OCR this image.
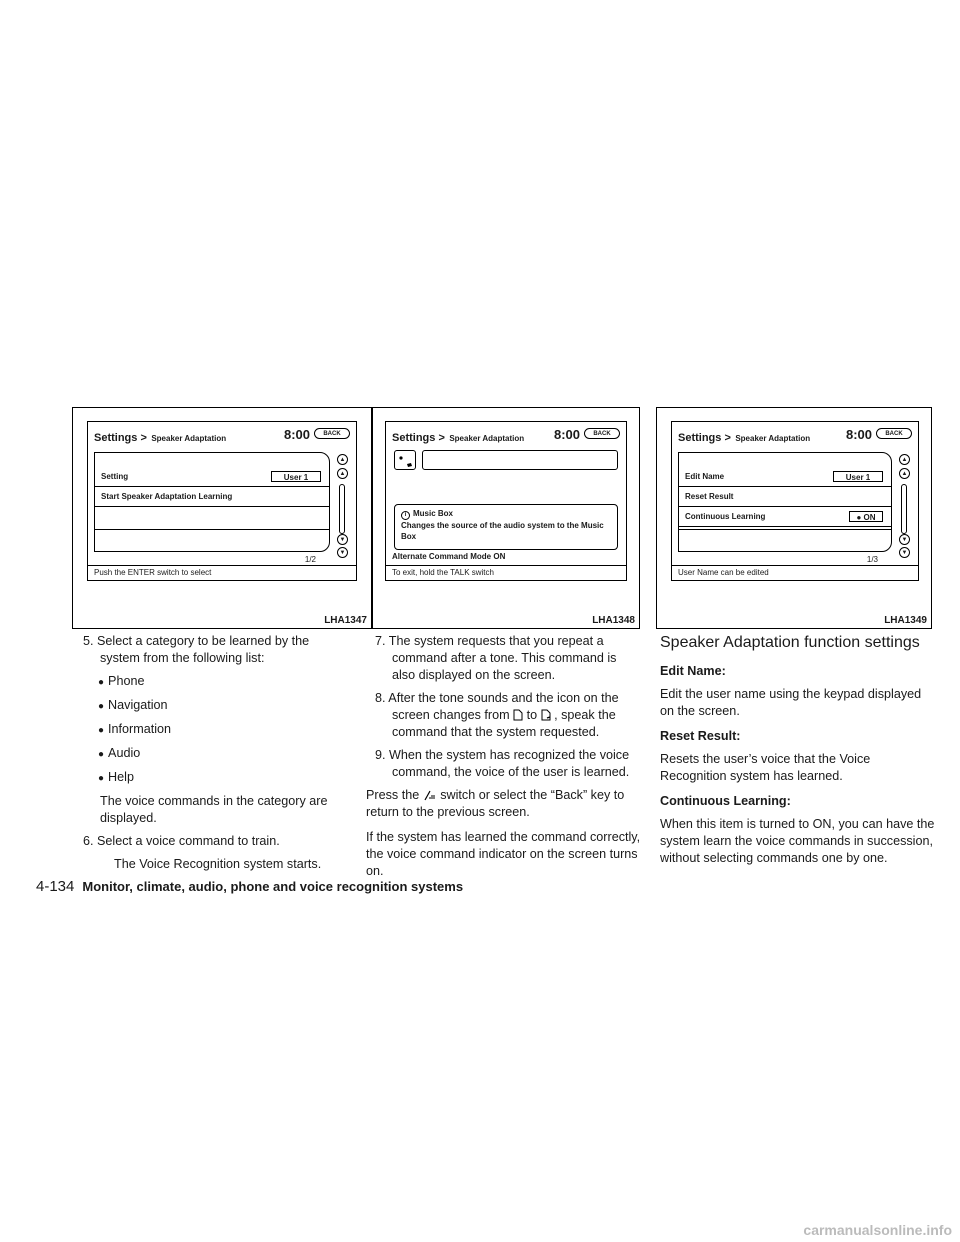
Settings > Speaker Adaptation	8:00	BACK
Setting	User 1
Start Speaker Adaptation Learning
1/2
▲
▲
▼
▼
Push the ENTER switch to select
LHA1347
Settings > Speaker Adaptation 8:00	BACK
i Music Box
Changes the source of the audio system to the Music Box
Alternate Command Mode ON
To exit, hold the TALK switch
LHA1348
Settings > Speaker Adaptation	8:00	BACK
Edit Name	User 1
Reset Result
Continuous Learning	● ON
1/3
▲
▲
▼
▼
User Name can be edited
LHA1349

5. Select a category to be learned by the system from the following list:

● Phone

● Navigation

● Information

● Audio

● Help

The voice commands in the category are displayed.

6. Select a voice command to train.

The Voice Recognition system starts.

7. The system requests that you repeat a command after a tone. This command is also displayed on the screen.

8. After the tone sounds and the icon on the screen changes from to , speak the command that the system requested.

9. When the system has recognized the voice command, the voice of the user is learned.

Press the switch or select the “Back” key to return to the previous screen.

If the system has learned the command correctly, the voice command indicator on the screen turns on.

Speaker Adaptation function settings

Edit Name:

Edit the user name using the keypad displayed on the screen.

Reset Result:

Resets the user’s voice that the Voice Recognition system has learned.

Continuous Learning:

When this item is turned to ON, you can have the system learn the voice commands in succession, without selecting commands one by one.

4-134 Monitor, climate, audio, phone and voice recognition systems
carmanualsonline.info
